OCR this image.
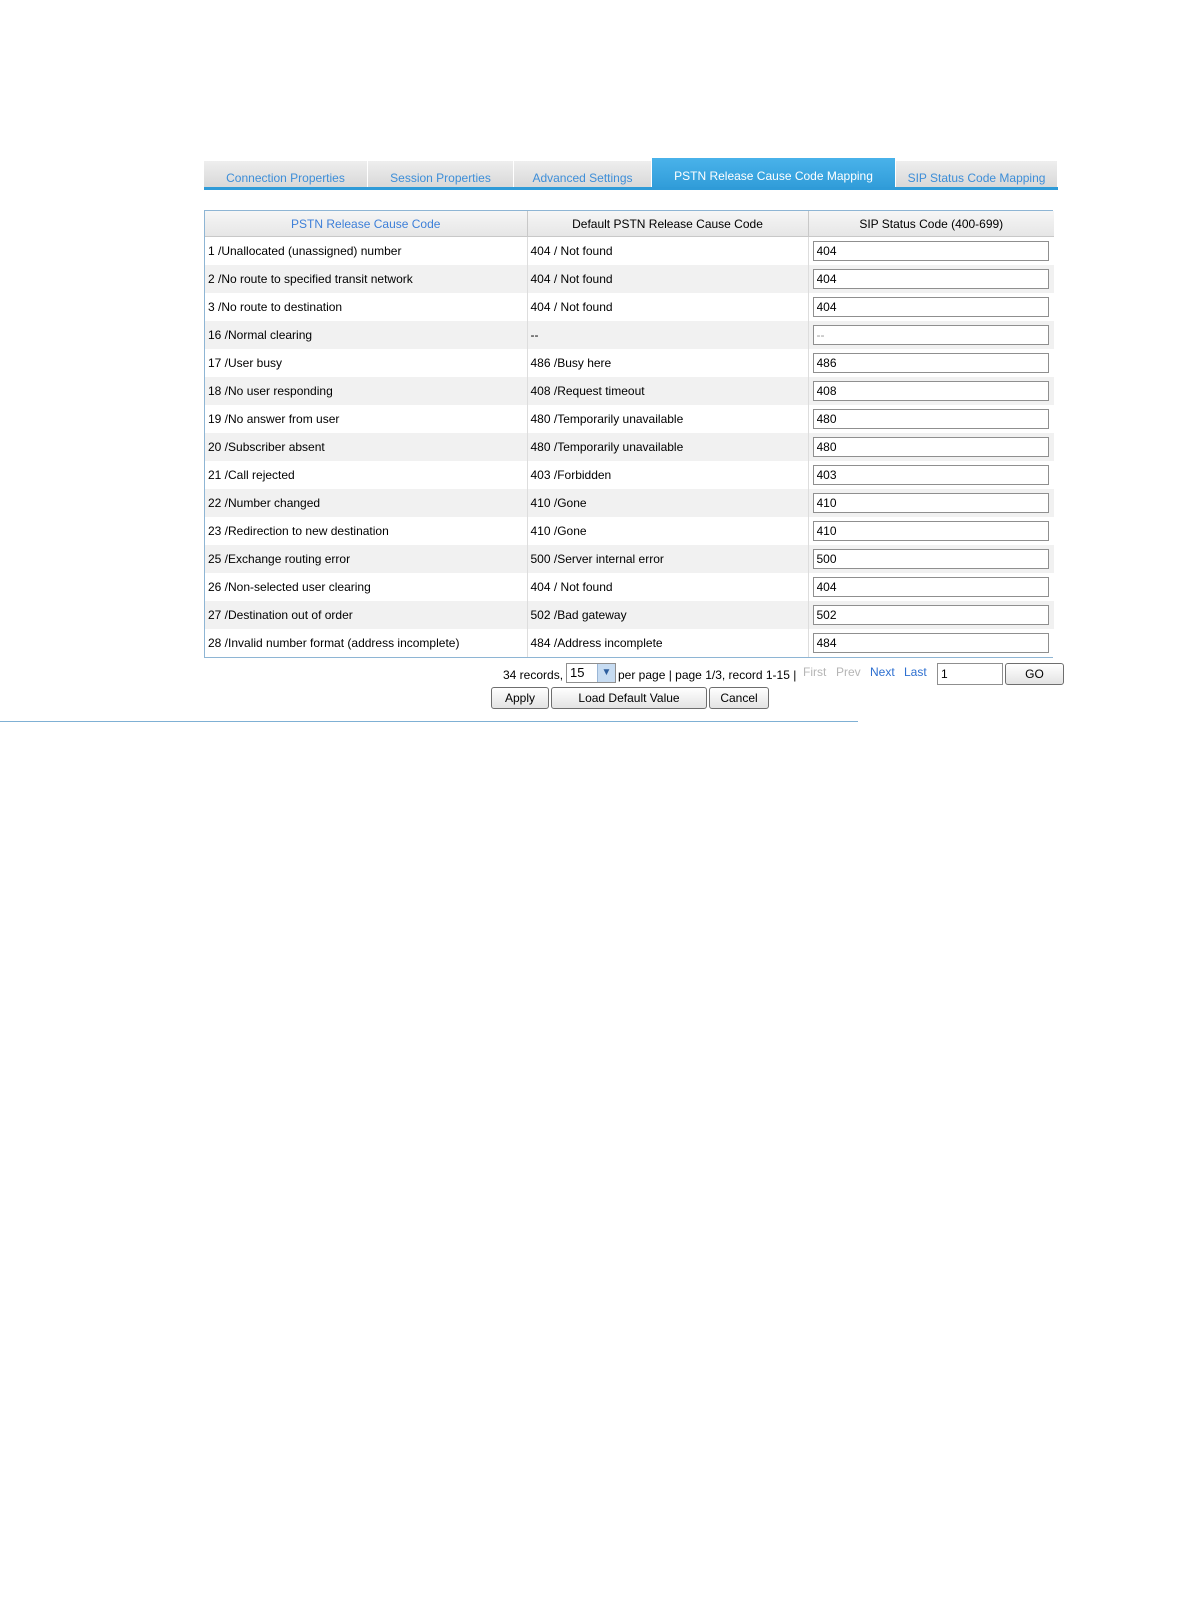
Connection Properties	Session Properties	Advanced Settings	PSTN Release Cause Code Mapping	SIP Status Code Mapping
PSTN Release Cause Code	Default PSTN Release Cause Code	SIP Status Code (400-699)
1 /Unallocated (unassigned) number	404 / Not found	404
2 /No route to specified transit network	404 / Not found	404
3 /No route to destination	404 / Not found	404
16 /Normal clearing	--	--
17 /User busy	486 /Busy here	486
18 /No user responding	408 /Request timeout	408
19 /No answer from user	480 /Temporarily unavailable	480
20 /Subscriber absent	480 /Temporarily unavailable	480
21 /Call rejected	403 /Forbidden	403
22 /Number changed	410 /Gone	410
23 /Redirection to new destination	410 /Gone	410
25 /Exchange routing error	500 /Server internal error	500
26 /Non-selected user clearing	404 / Not found	404
27 /Destination out of order	502 /Bad gateway	502
28 /Invalid number format (address incomplete)	484 /Address incomplete	484
34 records, 15	▼ per page | page 1/3, record 1-15 | First Prev Next Last
1	GO
Apply	Load Default Value	Cancel
